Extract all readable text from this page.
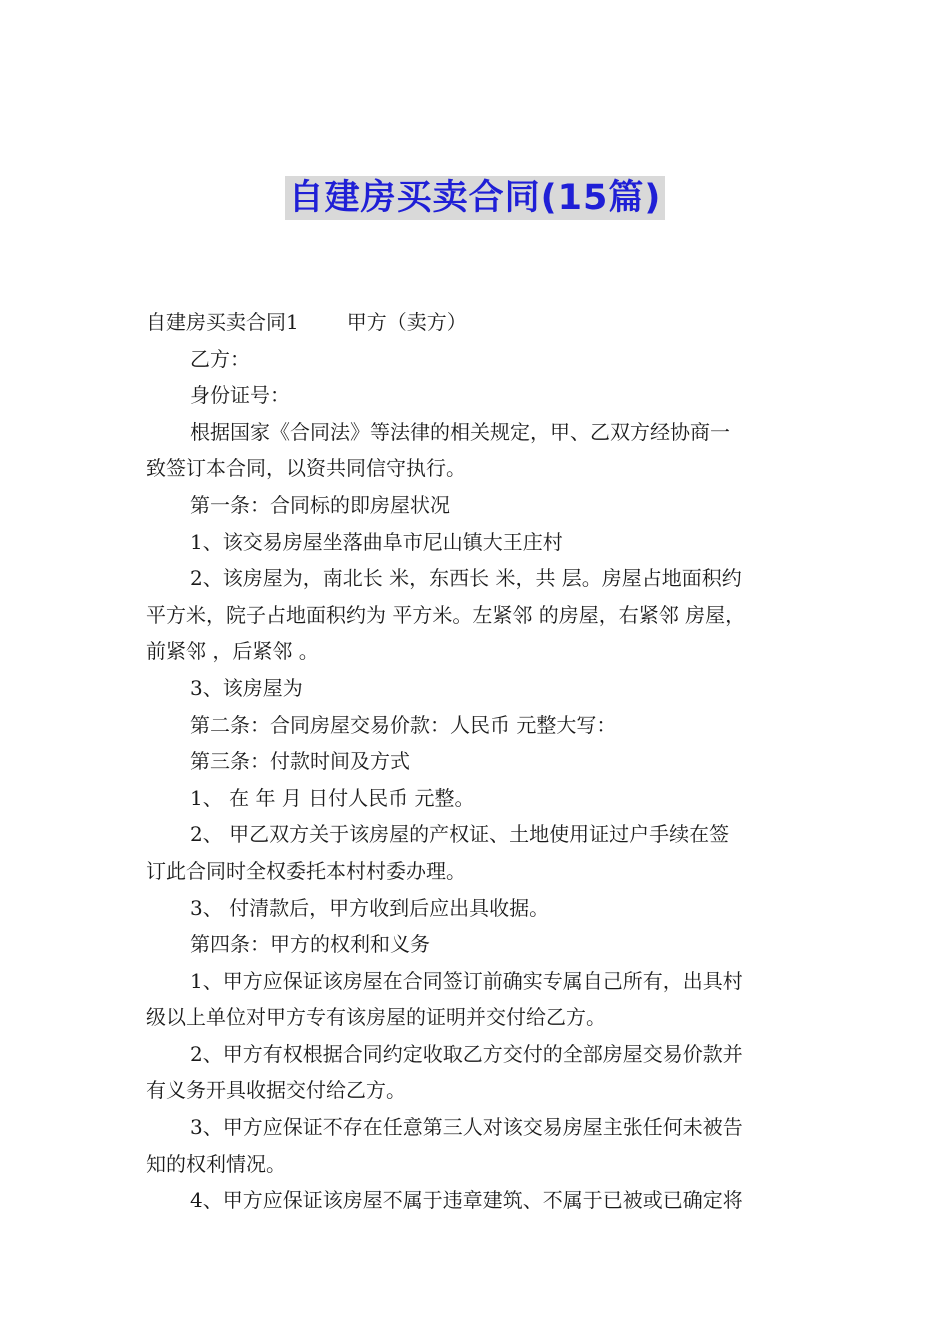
自建房买卖合同(15篇)

自建房买卖合同1 甲方（卖方）

乙方：

身份证号：

根据国家《合同法》等法律的相关规定，甲、乙双方经协商一

致签订本合同，以资共同信守执行。

第一条：合同标的即房屋状况

1、该交易房屋坐落曲阜市尼山镇大王庄村

2、该房屋为，南北长 米，东西长 米，共 层。房屋占地面积约

平方米，院子占地面积约为 平方米。左紧邻 的房屋，右紧邻 房屋，

前紧邻 ，后紧邻 。

3、该房屋为

第二条：合同房屋交易价款：人民币 元整大写：

第三条：付款时间及方式

1、 在 年 月 日付人民币 元整。

2、 甲乙双方关于该房屋的产权证、土地使用证过户手续在签

订此合同时全权委托本村村委办理。

3、 付清款后，甲方收到后应出具收据。

第四条：甲方的权利和义务

1、甲方应保证该房屋在合同签订前确实专属自己所有，出具村

级以上单位对甲方专有该房屋的证明并交付给乙方。

2、甲方有权根据合同约定收取乙方交付的全部房屋交易价款并

有义务开具收据交付给乙方。

3、甲方应保证不存在任意第三人对该交易房屋主张任何未被告

知的权利情况。

4、甲方应保证该房屋不属于违章建筑、不属于已被或已确定将
